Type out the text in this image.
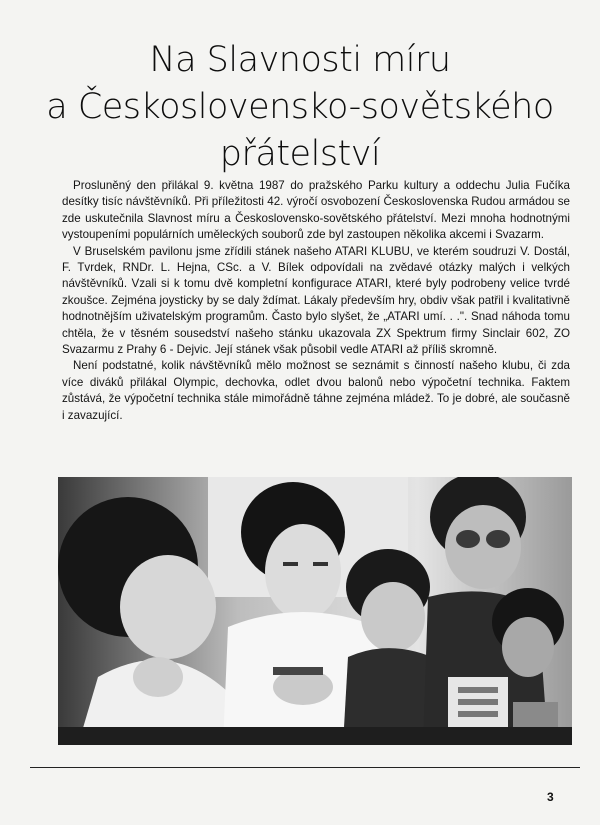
Na Slavnosti míru
a Československo-sovětského
přátelství

Prosluněný den přilákal 9. května 1987 do pražského Parku kultury a oddechu Julia Fučíka desítky tisíc návštěvníků. Při příležitosti 42. výročí osvobození Československa Rudou armádou se zde uskutečnila Slavnost míru a Československo-sovětského přátelství. Mezi mnoha hodnotnými vystoupeními populárních uměleckých souborů zde byl zastoupen několika akcemi i Svazarm.

V Bruselském pavilonu jsme zřídili stánek našeho ATARI KLUBU, ve kterém soudruzi V. Dostál, F. Tvrdek, RNDr. L. Hejna, CSc. a V. Bílek odpovídali na zvědavé otázky malých i velkých návštěvníků. Vzali si k tomu dvě kompletní konfigurace ATARI, které byly podrobeny velice tvrdé zkoušce. Zejména joysticky by se daly ždímat. Lákaly především hry, obdiv však patřil i kvalitativně hodnotnějším uživatelským programům. Často bylo slyšet, že „ATARI umí. . .". Snad náhoda tomu chtěla, že v těsném sousedství našeho stánku ukazovala ZX Spektrum firmy Sinclair 602, ZO Svazarmu z Prahy 6 - Dejvic. Její stánek však působil vedle ATARI až příliš skromně.

Není podstatné, kolik návštěvníků mělo možnost se seznámit s činností našeho klubu, či zda více diváků přilákal Olympic, dechovka, odlet dvou balonů nebo výpočetní technika. Faktem zůstává, že výpočetní technika stále mimořádně táhne zejména mládež. To je dobré, ale současně i zavazující.

3
